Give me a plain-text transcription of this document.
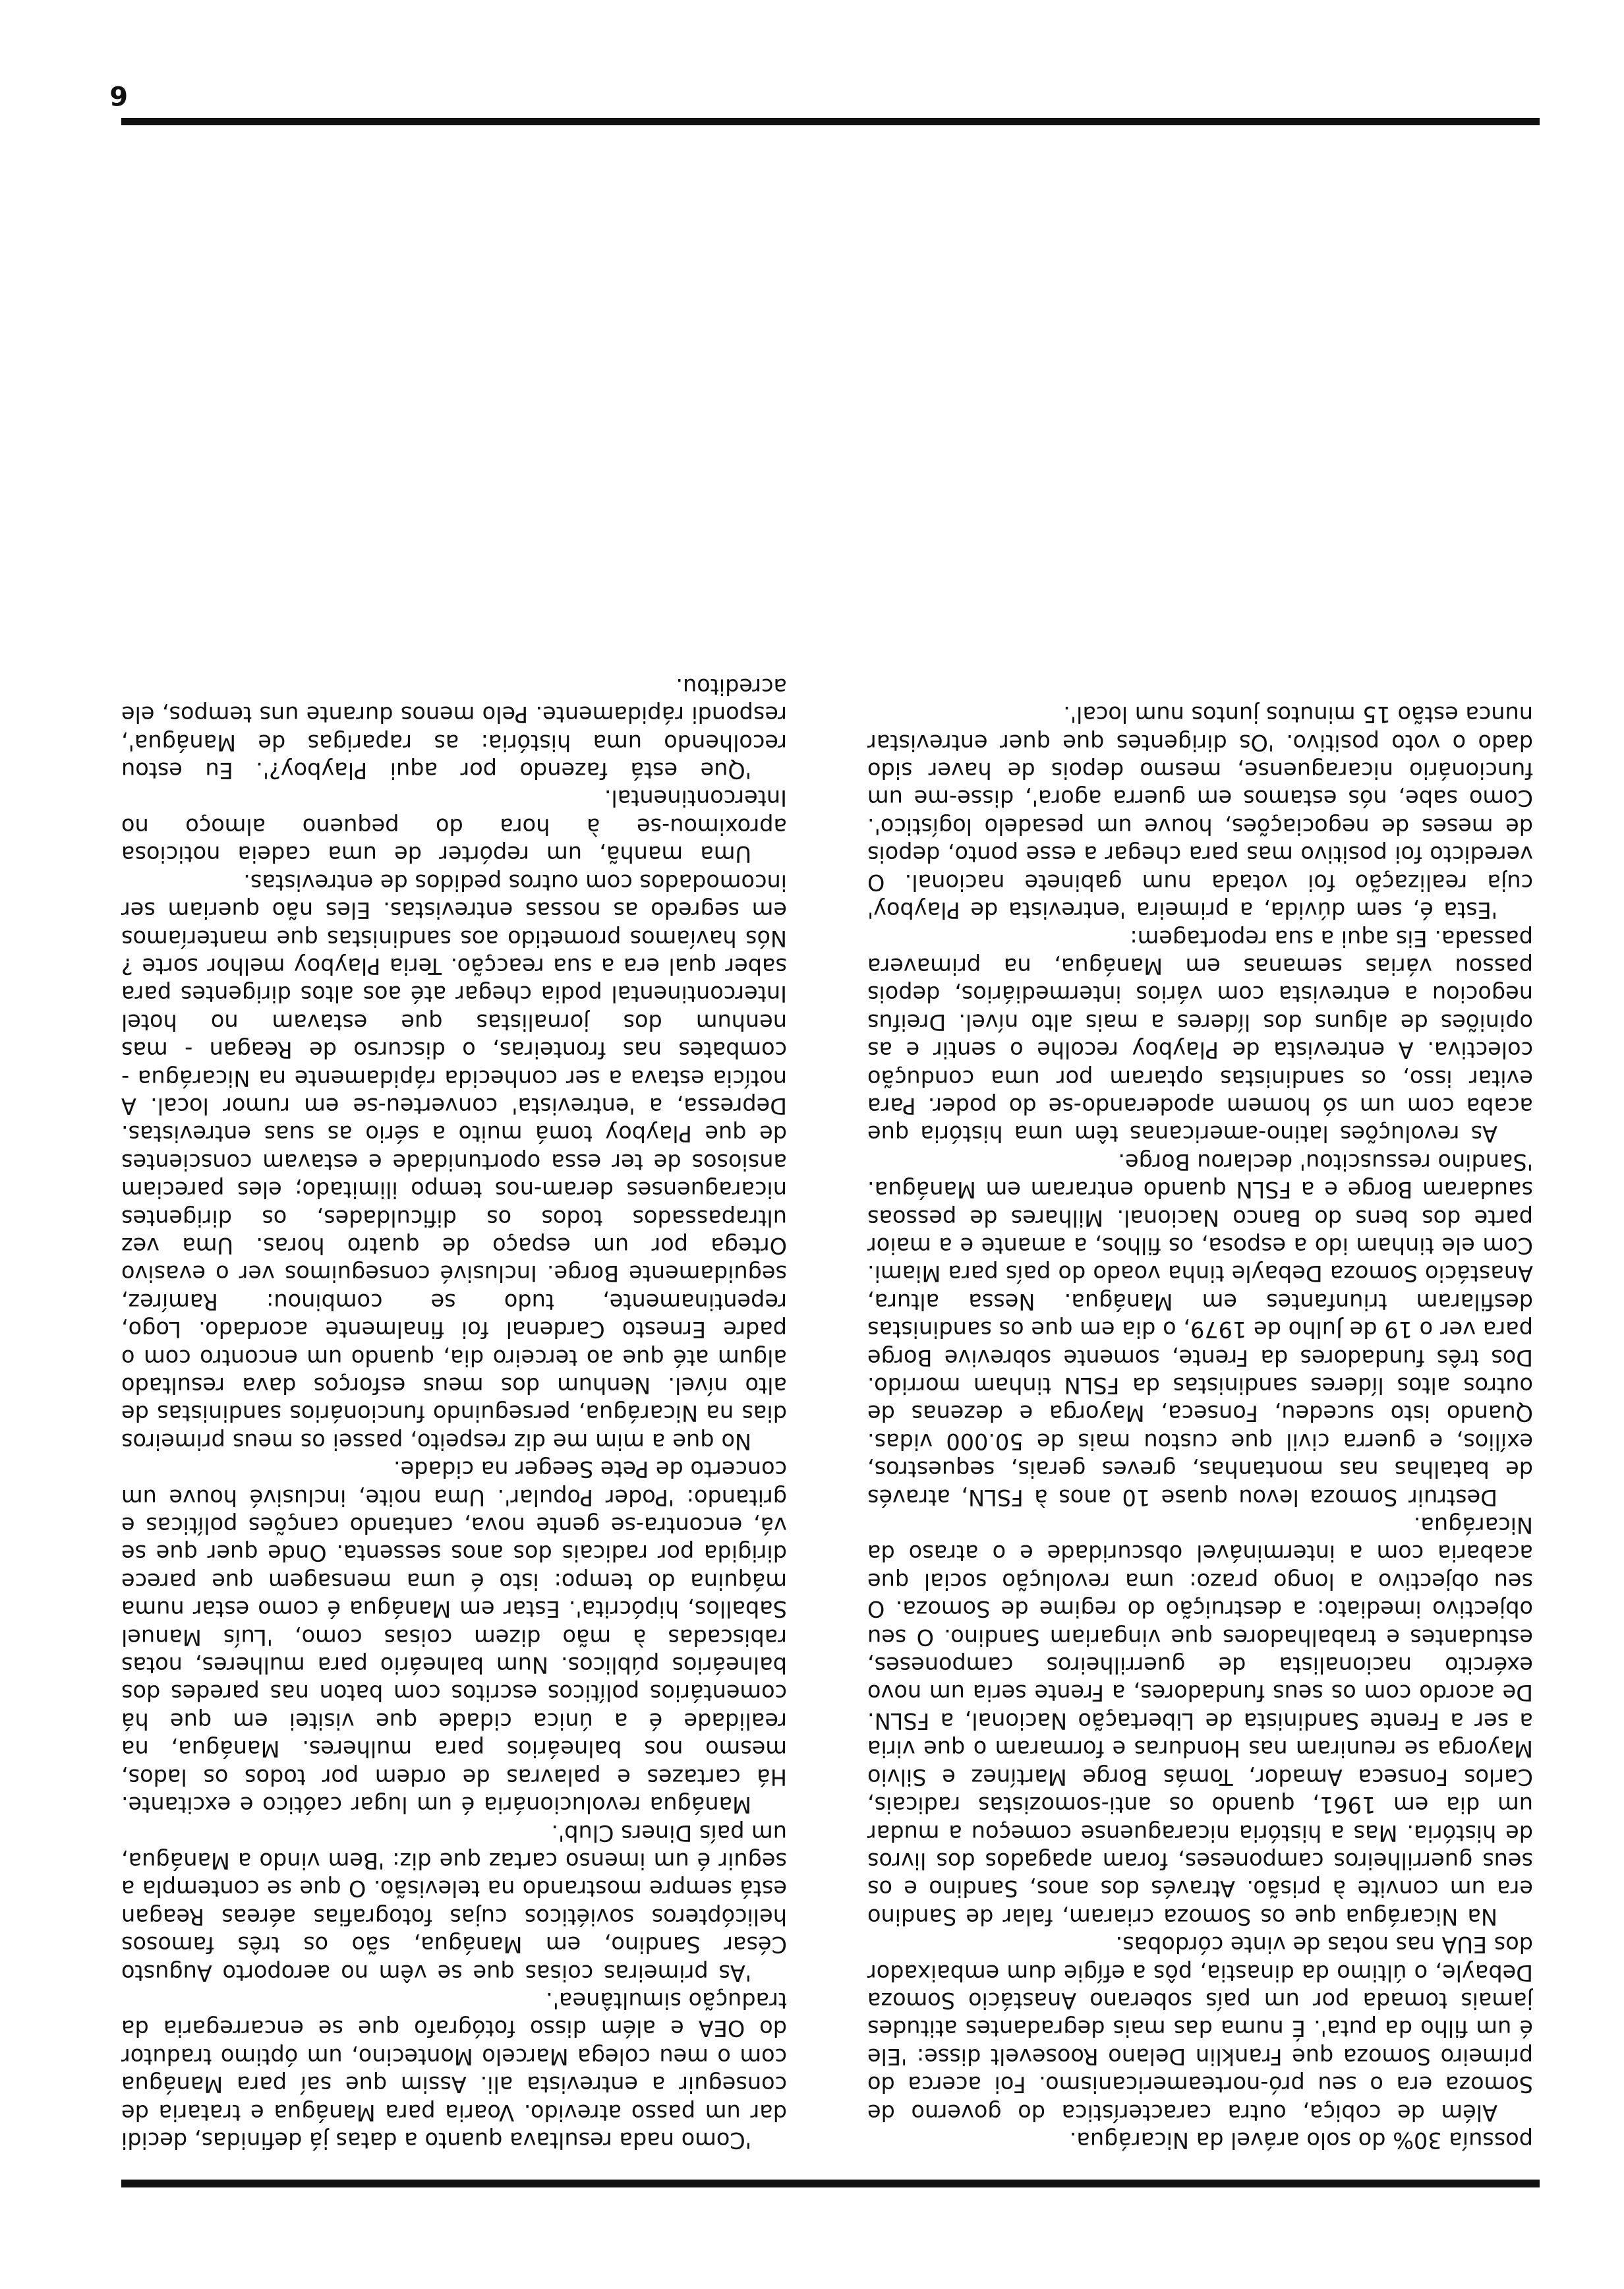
6

possuía 30% do solo arável da Nicarágua.

Além de cobiça, outra característica do governo de Somoza era o seu pró-norteamericanismo. Foi acerca do primeiro Somoza que Franklin Delano Roosevelt disse: 'Ele é um filho da puta'. É numa das mais degradantes atitudes jamais tomada por um país soberano Anastácio Somoza Debayle, o último da dinastia, pôs a efígie dum embaixador dos EUA nas notas de vinte córdobas.

Na Nicarágua que os Somoza criaram, falar de Sandino era um convite à prisão. Através dos anos, Sandino e os seus guerrilheiros camponeses, foram apagados dos livros de história. Mas a história nicaraguense começou a mudar um dia em 1961, quando os anti-somozistas radicais, Carlos Fonseca Amador, Tomás Borge Martínez e Silvio Mayorga se reuniram nas Honduras e formaram o que viria a ser a Frente Sandinista de Libertação Nacional, a FSLN. De acordo com os seus fundadores, a Frente seria um novo exército nacionalista de guerrilheiros camponeses, estudantes e trabalhadores que vingariam Sandino. O seu objectivo imediato: a destruição do regime de Somoza. O seu objectivo a longo prazo: uma revolução social que acabaria com a interminável obscuridade e o atraso da Nicarágua.

Destruir Somoza levou quase 10 anos à FSLN, através de batalhas nas montanhas, greves gerais, sequestros, exílios, e guerra civil que custou mais de 50.000 vidas. Quando isto sucedeu, Fonseca, Mayorga e dezenas de outros altos líderes sandinistas da FSLN tinham morrido. Dos três fundadores da Frente, somente sobrevive Borge para ver o 19 de Julho de 1979, o dia em que os sandinistas desfilaram triunfantes em Manágua. Nessa altura, Anastácio Somoza Debayle tinha voado do país para Miami. Com ele tinham ido a esposa, os filhos, a amante e a maior parte dos bens do Banco Nacional. Milhares de pessoas saudaram Borge e a FSLN quando entraram em Manágua. 'Sandino ressuscitou' declarou Borge.

As revoluções latino-americanas têm uma história que acaba com um só homem apoderando-se do poder. Para evitar isso, os sandinistas optaram por uma condução colectiva. A entrevista de Playboy recolhe o sentir e as opiniões de alguns dos líderes a mais alto nível. Dreifus negociou a entrevista com vários intermediários, depois passou várias semanas em Manágua, na primavera passada. Eis aqui a sua reportagem:

'Esta é, sem dúvida, a primeira 'entrevista de Playboy' cuja realização foi votada num gabinete nacional. O veredicto foi positivo mas para chegar a esse ponto, depois de meses de negociações, houve um pesadelo logístico'. Como sabe, nós estamos em guerra agora', disse-me um funcionário nicaraguense, mesmo depois de haver sido dado o voto positivo. 'Os dirigentes que quer entrevistar nunca estão 15 minutos juntos num local'.

'Como nada resultava quanto a datas já definidas, decidi dar um passo atrevido. Voaria para Manágua e trataria de conseguir a entrevista ali. Assim que saí para Manágua com o meu colega Marcelo Montecino, um óptimo tradutor do OEA e além disso fotógrafo que se encarregaria da tradução simultânea'.

'As primeiras coisas que se vêm no aeroporto Augusto César Sandino, em Manágua, são os três famosos helicópteros soviéticos cujas fotografias aéreas Reagan está sempre mostrando na televisão. O que se contempla a seguir é um imenso cartaz que diz: 'Bem vindo a Manágua, um país Diners Club'.

Manágua revolucionária é um lugar caótico e excitante. Há cartazes e palavras de ordem por todos os lados, mesmo nos balneários para mulheres. Manágua, na realidade é a única cidade que visitei em que há comentários políticos escritos com baton nas paredes dos balneários públicos. Num balneário para mulheres, notas rabiscadas à mão dizem coisas como, 'Luís Manuel Saballos, hipócrita'. Estar em Manágua é como estar numa máquina do tempo: isto é uma mensagem que parece dirigida por radicais dos anos sessenta. Onde quer que se vá, encontra-se gente nova, cantando canções políticas e gritando: 'Poder Popular'. Uma noite, inclusivé houve um concerto de Pete Seeger na cidade.

No que a mim me diz respeito, passei os meus primeiros dias na Nicarágua, perseguindo funcionários sandinistas de alto nível. Nenhum dos meus esforços dava resultado algum até que ao terceiro dia, quando um encontro com o padre Ernesto Cardenal foi finalmente acordado. Logo, repentinamente, tudo se combinou: Ramírez, seguidamente Borge. Inclusivé conseguimos ver o evasivo Ortega por um espaço de quatro horas. Uma vez ultrapassados todos os dificuldades, os dirigentes nicaraguenses deram-nos tempo ilimitado; eles pareciam ansiosos de ter essa oportunidade e estavam conscientes de que Playboy tomá muito a sério as suas entrevistas. Depressa, a 'entrevista' converteu-se em rumor local. A notícia estava a ser conhecida rápidamente na Nicarágua - combates nas fronteiras, o discurso de Reagan - mas nenhum dos jornalistas que estavam no hotel Intercontinental podia chegar até aos altos dirigentes para saber qual era a sua reacção. Teria Playboy melhor sorte ? Nós havíamos prometido aos sandinistas que manteríamos em segredo as nossas entrevistas. Eles não queriam ser incomodados com outros pedidos de entrevistas.

Uma manhã, um repórter de uma cadeia noticiosa aproximou-se à hora do pequeno almoço no Intercontinental.

'Que está fazendo por aqui Playboy?'. Eu estou recolhendo uma história: as raparigas de Manágua', respondi rápidamente. Pelo menos durante uns tempos, ele acreditou.
